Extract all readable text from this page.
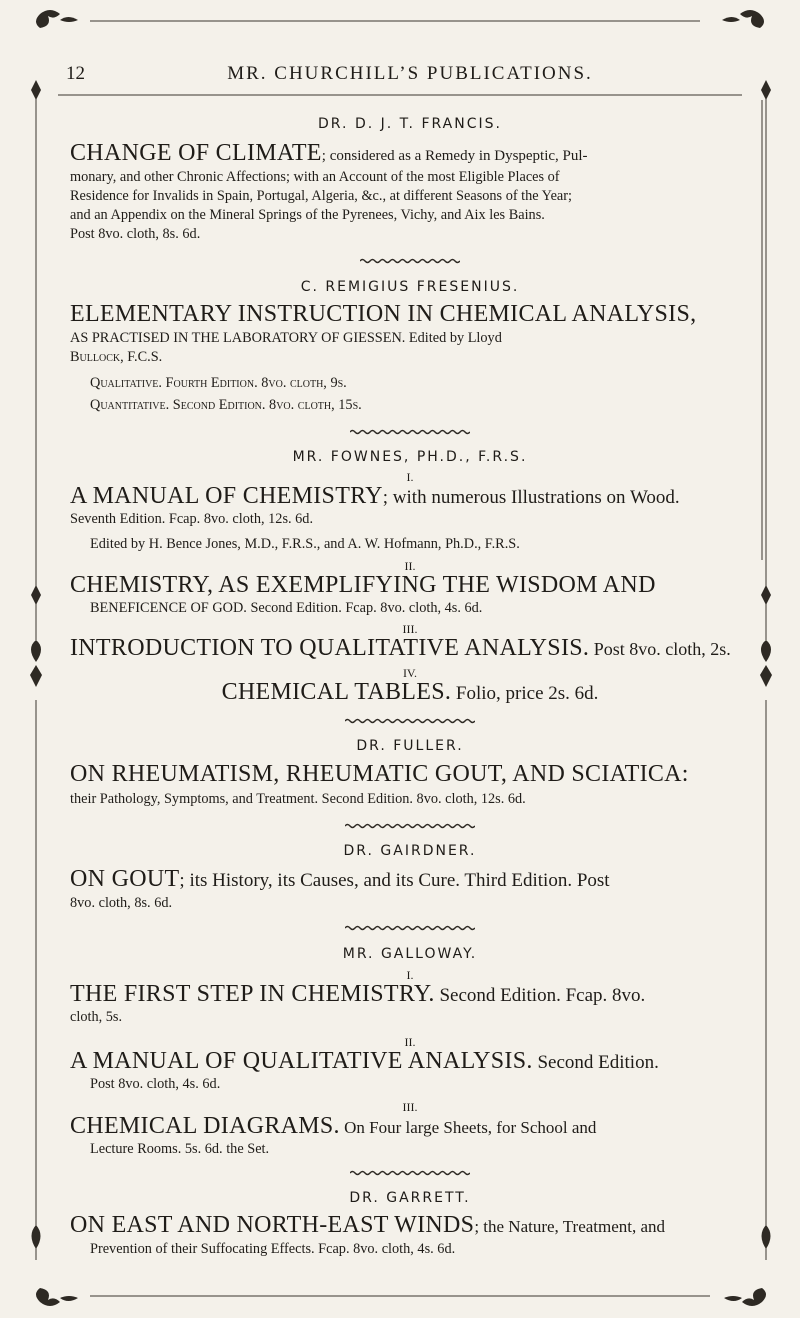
12	MR. CHURCHILL’S PUBLICATIONS.
DR. D. J. T. FRANCIS.
CHANGE OF CLIMATE; considered as a Remedy in Dyspeptic, Pul-
monary, and other Chronic Affections; with an Account of the most Eligible Places of
Residence for Invalids in Spain, Portugal, Algeria, &c., at different Seasons of the Year;
and an Appendix on the Mineral Springs of the Pyrenees, Vichy, and Aix les Bains.
Post 8vo. cloth, 8s. 6d.
C. REMIGIUS FRESENIUS.
ELEMENTARY INSTRUCTION IN CHEMICAL ANALYSIS,
AS PRACTISED IN THE LABORATORY OF GIESSEN. Edited by Lloyd
Bullock, F.C.S.
Qualitative. Fourth Edition. 8vo. cloth, 9s.
Quantitative. Second Edition. 8vo. cloth, 15s.
MR. FOWNES, PH.D., F.R.S.
I.
A MANUAL OF CHEMISTRY; with numerous Illustrations on Wood.
Seventh Edition. Fcap. 8vo. cloth, 12s. 6d.
Edited by H. Bence Jones, M.D., F.R.S., and A. W. Hofmann, Ph.D., F.R.S.
II.
CHEMISTRY, AS EXEMPLIFYING THE WISDOM AND
BENEFICENCE OF GOD. Second Edition. Fcap. 8vo. cloth, 4s. 6d.
III.
INTRODUCTION TO QUALITATIVE ANALYSIS. Post 8vo. cloth, 2s.
IV.
CHEMICAL TABLES. Folio, price 2s. 6d.
DR. FULLER.
ON RHEUMATISM, RHEUMATIC GOUT, AND SCIATICA:
their Pathology, Symptoms, and Treatment. Second Edition. 8vo. cloth, 12s. 6d.
DR. GAIRDNER.
ON GOUT; its History, its Causes, and its Cure. Third Edition. Post
8vo. cloth, 8s. 6d.
MR. GALLOWAY.
I.
THE FIRST STEP IN CHEMISTRY. Second Edition. Fcap. 8vo.
cloth, 5s.
II.
A MANUAL OF QUALITATIVE ANALYSIS. Second Edition.
Post 8vo. cloth, 4s. 6d.
III.
CHEMICAL DIAGRAMS. On Four large Sheets, for School and
Lecture Rooms. 5s. 6d. the Set.
DR. GARRETT.
ON EAST AND NORTH-EAST WINDS; the Nature, Treatment, and
Prevention of their Suffocating Effects. Fcap. 8vo. cloth, 4s. 6d.
